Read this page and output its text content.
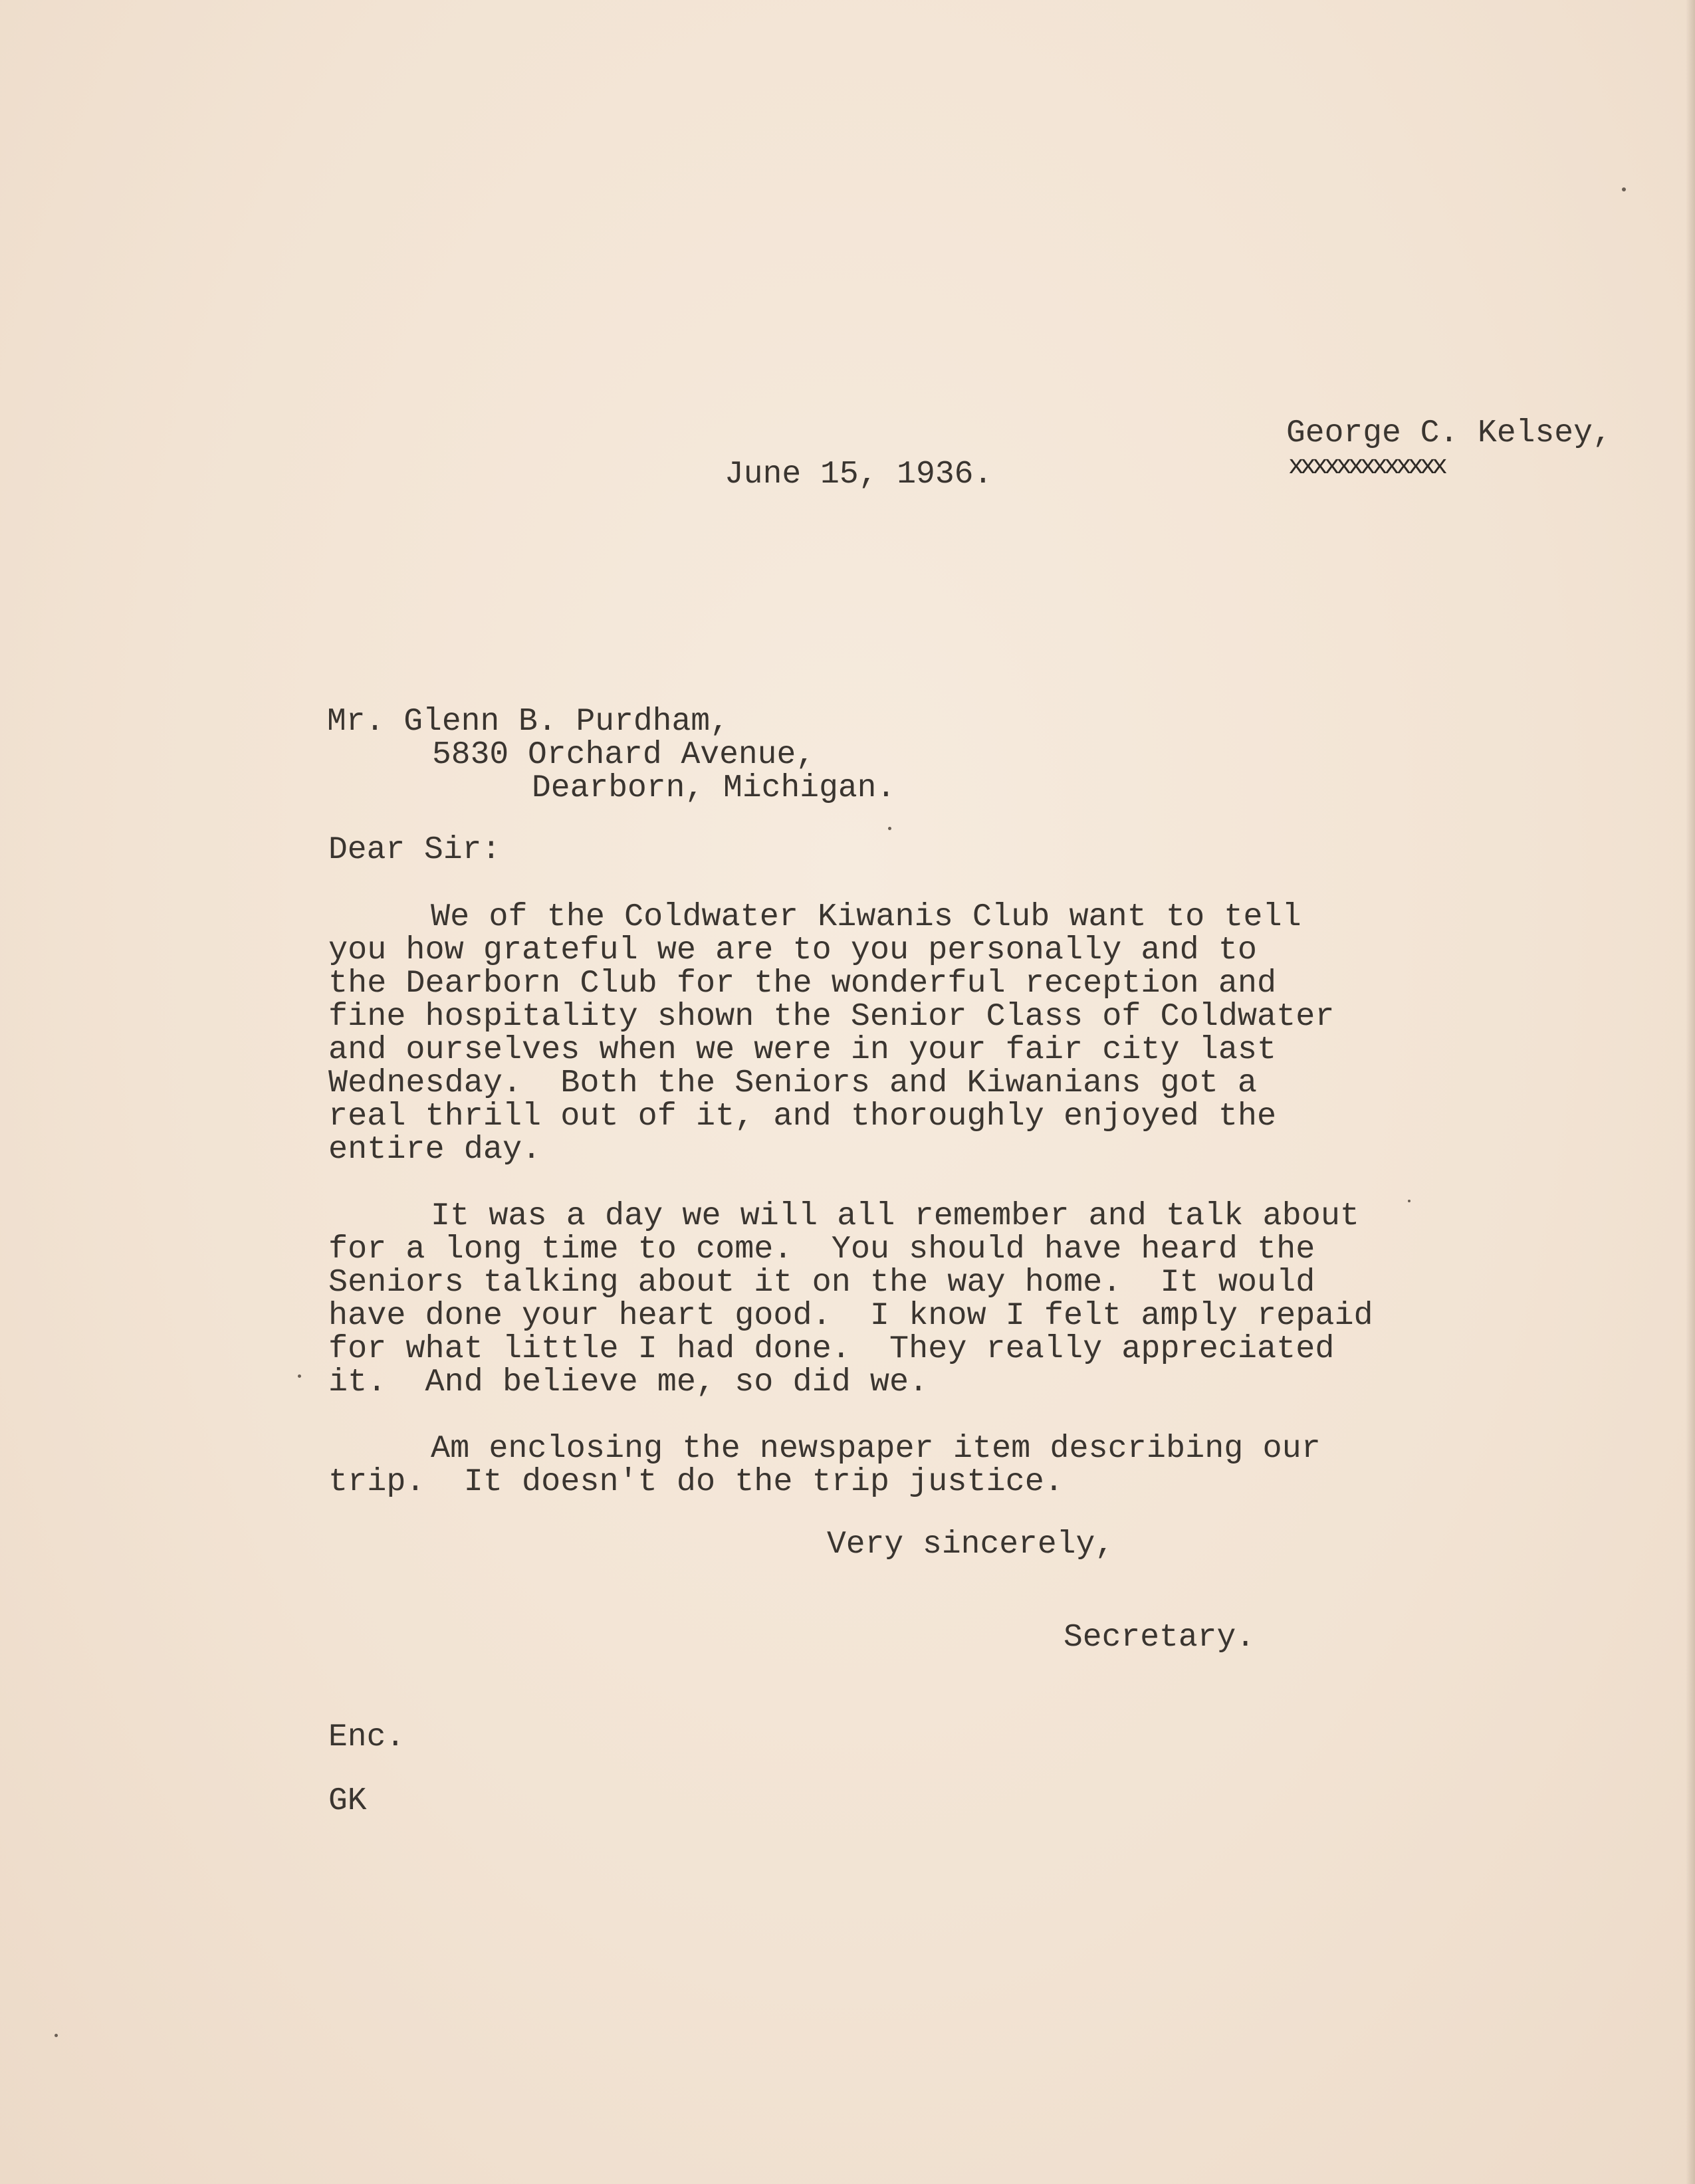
George C. Kelsey,
xxxxxxxxxxxxx
June 15, 1936.
Mr. Glenn B. Purdham,
5830 Orchard Avenue,
Dearborn, Michigan.
Dear Sir:
We of the Coldwater Kiwanis Club want to tell
you how grateful we are to you personally and to
the Dearborn Club for the wonderful reception and
fine hospitality shown the Senior Class of Coldwater
and ourselves when we were in your fair city last
Wednesday.  Both the Seniors and Kiwanians got a
real thrill out of it, and thoroughly enjoyed the
entire day.
It was a day we will all remember and talk about
for a long time to come.  You should have heard the
Seniors talking about it on the way home.  It would
have done your heart good.  I know I felt amply repaid
for what little I had done.  They really appreciated
it.  And believe me, so did we.
Am enclosing the newspaper item describing our
trip.  It doesn't do the trip justice.
Very sincerely,
Secretary.
Enc.
GK
